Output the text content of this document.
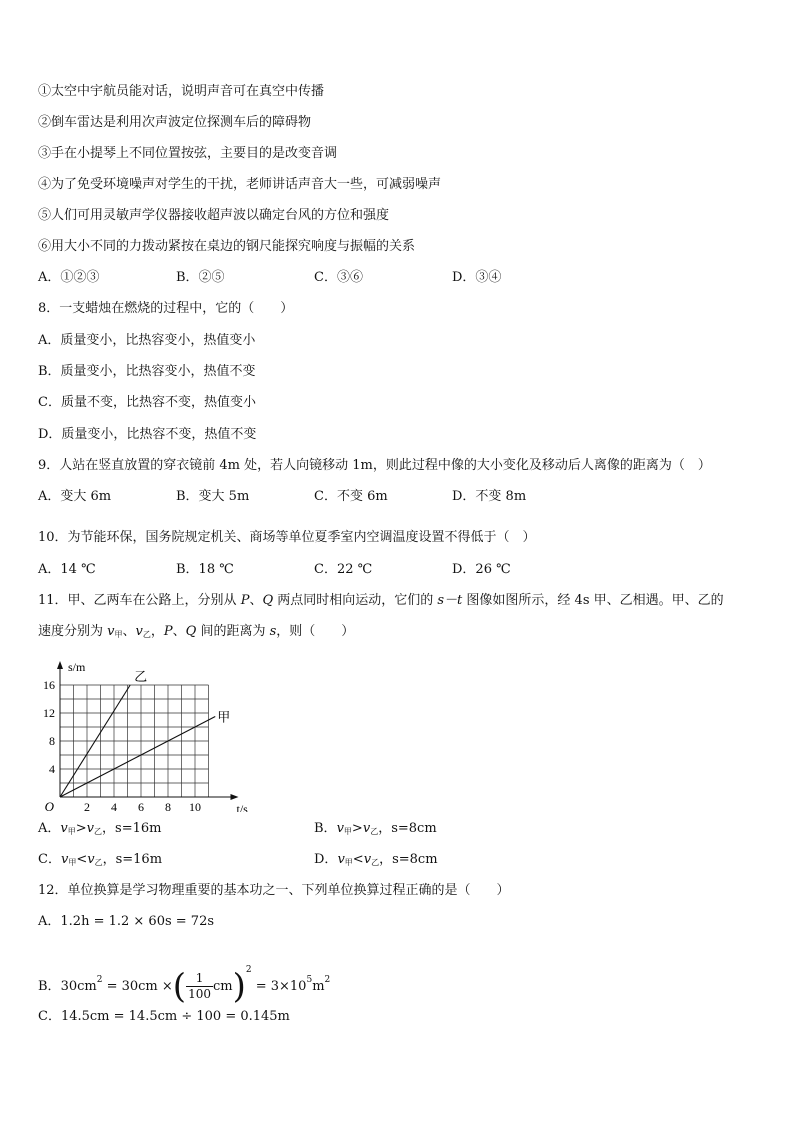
①太空中宇航员能对话，说明声音可在真空中传播
②倒车雷达是利用次声波定位探测车后的障碍物
③手在小提琴上不同位置按弦，主要目的是改变音调
④为了免受环境噪声对学生的干扰，老师讲话声音大一些，可减弱噪声
⑤人们可用灵敏声学仪器接收超声波以确定台风的方位和强度
⑥用大小不同的力拨动紧按在桌边的钢尺能探究响度与振幅的关系
A．①②③	B．②⑤	C．③⑥	D．③④
8．一支蜡烛在燃烧的过程中，它的（　　）
A．质量变小，比热容变小，热值变小
B．质量变小，比热容变小，热值不变
C．质量不变，比热容不变，热值变小
D．质量变小，比热容不变，热值不变
9．人站在竖直放置的穿衣镜前 4m 处，若人向镜移动 1m，则此过程中像的大小变化及移动后人离像的距离为（　）
A．变大 6m	B．变大 5m	C．不变 6m	D．不变 8m
10．为节能环保，国务院规定机关、商场等单位夏季室内空调温度设置不得低于（　）
A．14 ℃	B．18 ℃	C．22 ℃	D．26 ℃
11．甲、乙两车在公路上，分别从 P、Q 两点同时相向运动，它们的 s－t 图像如图所示，经 4s 甲、乙相遇。甲、乙的
速度分别为 $v_甲$、$v_乙$，P、Q 间的距离为 s，则（　　）
2 4 6 8 10
4
8
12
16
O
s/m
t/s
乙
甲
A．$v_甲>v_乙$，s=16m	B．$v_甲>v_乙$，s=8cm
C．$v_甲<v_乙$，s=16m	D．$v_甲<v_乙$，s=8cm
12．单位换算是学习物理重要的基本功之一、下列单位换算过程正确的是（　　）
A．1.2h = 1.2 × 60s = 72s
B．$30cm^2 = 30cm$ ×( $\frac{1}{100} cm)^2 = 3\times 10^5m^2$
C．14.5cm = 14.5cm ÷ 100 = 0.145m
